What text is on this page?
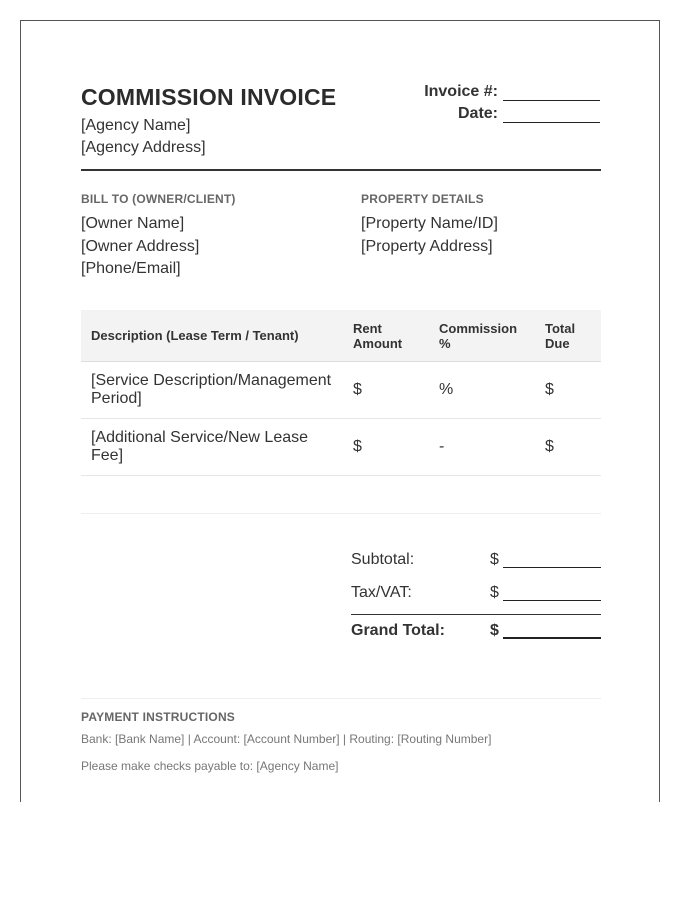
COMMISSION INVOICE
[Agency Name]
[Agency Address]
Invoice #:
Date:
BILL TO (OWNER/CLIENT)
[Owner Name]
[Owner Address]
[Phone/Email]
PROPERTY DETAILS
[Property Name/ID]
[Property Address]
Description (Lease Term / Tenant)	Rent Amount	Commission %	Total Due
[Service Description/Management Period]	$	%	$
[Additional Service/New Lease Fee]	$	-	$
Subtotal:	$
Tax/VAT:	$
Grand Total:	$
PAYMENT INSTRUCTIONS
Bank: [Bank Name] | Account: [Account Number] | Routing: [Routing Number]
Please make checks payable to: [Agency Name]
